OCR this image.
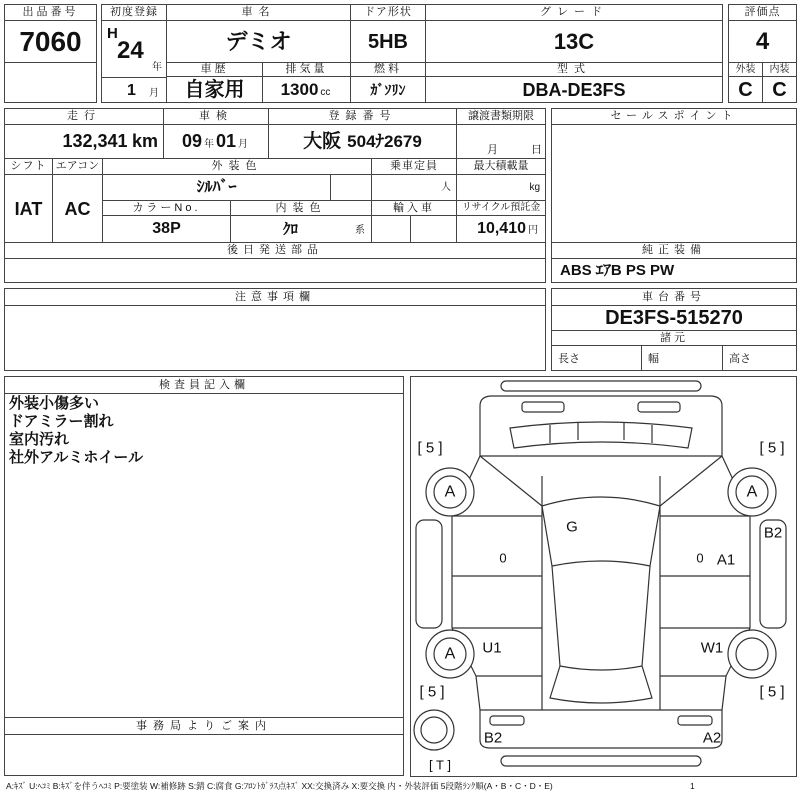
出品番号
7060
初度登録
H
24
年
1 月
車名
デミオ
ドア形状
5HB
グレード
13C
評価点
4
車歴
自家用
排気量
1300 cc
燃料
ｶﾞｿﾘﾝ
型式
DBA-DE3FS
外装
C
内装
C
走行
132,341 km
車検
09 年 01 月
登録番号
大阪 504ﾅ2679
譲渡書類期限
月	日
シフト
IAT
エアコン
AC
外装色
ｼﾙﾊﾞｰ
乗車定員
人
最大積載量
kg
カラーNo.
38P
内装色
ｸﾛ	系
輸入車	リサイクル預託金
10,410 円
セールスポイント
後日発送部品	純正装備
ABS ｴｱB PS PW
注意事項欄	車台番号
DE3FS-515270
諸元
長さ	幅	高さ
検査員記入欄
外装小傷多い
ドアミラー割れ
室内汚れ
社外アルミホイール
事務局よりご案内
[ 5 ]	[ 5 ]
[ 5 ]	[ 5 ]
[ T ]
A	A
A
G	B2
0	0 A1
U1	W1
B2	A2
A:ｷｽﾞ U:ﾍｺﾐ B:ｷｽﾞを伴うﾍｺﾐ P:要塗装 W:補修跡 S:錆 C:腐食 G:ﾌﾛﾝﾄｶﾞﾗｽ点ｷｽﾞ XX:交換済み X:要交換 内・外装評価 5段階ﾗﾝｸ順(A・B・C・D・E)	1
